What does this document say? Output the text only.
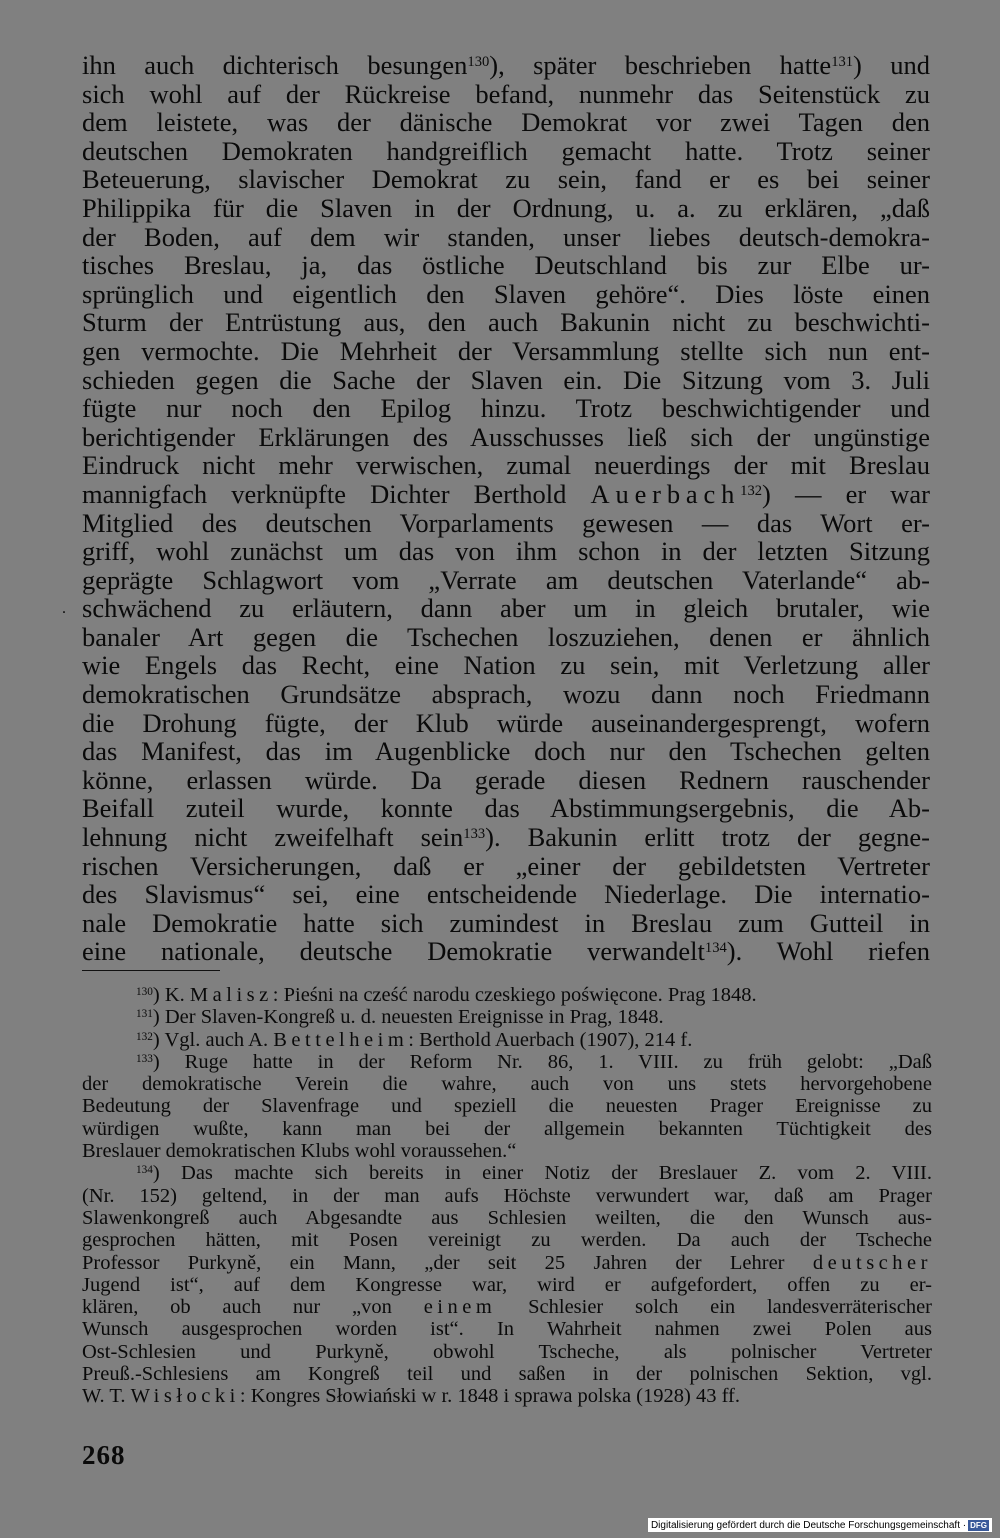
ihn auch dichterisch besungen$^{130}$), später beschrieben hatte$^{131}$) und
sich wohl auf der Rückreise befand, nunmehr das Seitenstück zu
dem leistete, was der dänische Demokrat vor zwei Tagen den
deutschen Demokraten handgreiflich gemacht hatte. Trotz seiner
Beteuerung, slavischer Demokrat zu sein, fand er es bei seiner
Philippika für die Slaven in der Ordnung, u. a. zu erklären, „daß
der Boden, auf dem wir standen, unser liebes deutsch-demokra-
tisches Breslau, ja, das östliche Deutschland bis zur Elbe ur-
sprünglich und eigentlich den Slaven gehöre“. Dies löste einen
Sturm der Entrüstung aus, den auch Bakunin nicht zu beschwichti-
gen vermochte. Die Mehrheit der Versammlung stellte sich nun ent-
schieden gegen die Sache der Slaven ein. Die Sitzung vom 3. Juli
fügte nur noch den Epilog hinzu. Trotz beschwichtigender und
berichtigender Erklärungen des Ausschusses ließ sich der ungünstige
Eindruck nicht mehr verwischen, zumal neuerdings der mit Breslau
mannigfach verknüpfte Dichter Berthold Auerbach$^{132}$) — er war
Mitglied des deutschen Vorparlaments gewesen — das Wort er-
griff, wohl zunächst um das von ihm schon in der letzten Sitzung
geprägte Schlagwort vom „Verrate am deutschen Vaterlande“ ab-
schwächend zu erläutern, dann aber um in gleich brutaler, wie
banaler Art gegen die Tschechen loszuziehen, denen er ähnlich
wie Engels das Recht, eine Nation zu sein, mit Verletzung aller
demokratischen Grundsätze absprach, wozu dann noch Friedmann
die Drohung fügte, der Klub würde auseinandergesprengt, wofern
das Manifest, das im Augenblicke doch nur den Tschechen gelten
könne, erlassen würde. Da gerade diesen Rednern rauschender
Beifall zuteil wurde, konnte das Abstimmungsergebnis, die Ab-
lehnung nicht zweifelhaft sein$^{133}$). Bakunin erlitt trotz der gegne-
rischen Versicherungen, daß er „einer der gebildetsten Vertreter
des Slavismus“ sei, eine entscheidende Niederlage. Die internatio-
nale Demokratie hatte sich zumindest in Breslau zum Gutteil in
eine nationale, deutsche Demokratie verwandelt$^{134}$). Wohl riefen
.
$^{130}$) K. Malisz: Pieśni na cześć narodu czeskiego poświęcone. Prag 1848.
$^{131}$) Der Slaven-Kongreß u. d. neuesten Ereignisse in Prag, 1848.
$^{132}$) Vgl. auch A. Bettelheim: Berthold Auerbach (1907), 214 f.
$^{133}$) Ruge hatte in der Reform Nr. 86, 1. VIII. zu früh gelobt: „Daß
der demokratische Verein die wahre, auch von uns stets hervorgehobene
Bedeutung der Slavenfrage und speziell die neuesten Prager Ereignisse zu
würdigen wußte, kann man bei der allgemein bekannten Tüchtigkeit des
Breslauer demokratischen Klubs wohl voraussehen.“
$^{134}$) Das machte sich bereits in einer Notiz der Breslauer Z. vom 2. VIII.
(Nr. 152) geltend, in der man aufs Höchste verwundert war, daß am Prager
Slawenkongreß auch Abgesandte aus Schlesien weilten, die den Wunsch aus-
gesprochen hätten, mit Posen vereinigt zu werden. Da auch der Tscheche
Professor Purkyně, ein Mann, „der seit 25 Jahren der Lehrer deutscher
Jugend ist“, auf dem Kongresse war, wird er aufgefordert, offen zu er-
klären, ob auch nur „von einem Schlesier solch ein landesverräterischer
Wunsch ausgesprochen worden ist“. In Wahrheit nahmen zwei Polen aus
Ost-Schlesien und Purkyně, obwohl Tscheche, als polnischer Vertreter
Preuß.-Schlesiens am Kongreß teil und saßen in der polnischen Sektion, vgl.
W. T. Wisłocki: Kongres Słowiański w r. 1848 i sprawa polska (1928) 43 ff.
268
Digitalisierung gefördert durch die Deutsche Forschungsgemeinschaft · DFG
